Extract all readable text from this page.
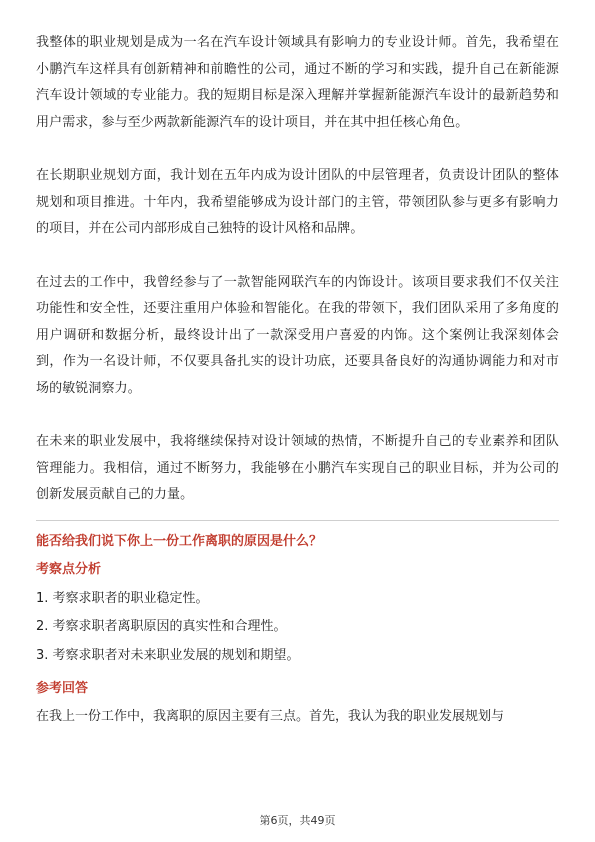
我整体的职业规划是成为一名在汽车设计领域具有影响力的专业设计师。首先，我希望在小鹏汽车这样具有创新精神和前瞻性的公司，通过不断的学习和实践，提升自己在新能源汽车设计领域的专业能力。我的短期目标是深入理解并掌握新能源汽车设计的最新趋势和用户需求，参与至少两款新能源汽车的设计项目，并在其中担任核心角色。

在长期职业规划方面，我计划在五年内成为设计团队的中层管理者，负责设计团队的整体规划和项目推进。十年内，我希望能够成为设计部门的主管，带领团队参与更多有影响力的项目，并在公司内部形成自己独特的设计风格和品牌。

在过去的工作中，我曾经参与了一款智能网联汽车的内饰设计。该项目要求我们不仅关注功能性和安全性，还要注重用户体验和智能化。在我的带领下，我们团队采用了多角度的用户调研和数据分析，最终设计出了一款深受用户喜爱的内饰。这个案例让我深刻体会到，作为一名设计师，不仅要具备扎实的设计功底，还要具备良好的沟通协调能力和对市场的敏锐洞察力。

在未来的职业发展中，我将继续保持对设计领域的热情，不断提升自己的专业素养和团队管理能力。我相信，通过不断努力，我能够在小鹏汽车实现自己的职业目标，并为公司的创新发展贡献自己的力量。

能否给我们说下你上一份工作离职的原因是什么？
考察点分析
1. 考察求职者的职业稳定性。
2. 考察求职者离职原因的真实性和合理性。
3. 考察求职者对未来职业发展的规划和期望。
参考回答

在我上一份工作中，我离职的原因主要有三点。首先，我认为我的职业发展规划与

第6页，共49页
